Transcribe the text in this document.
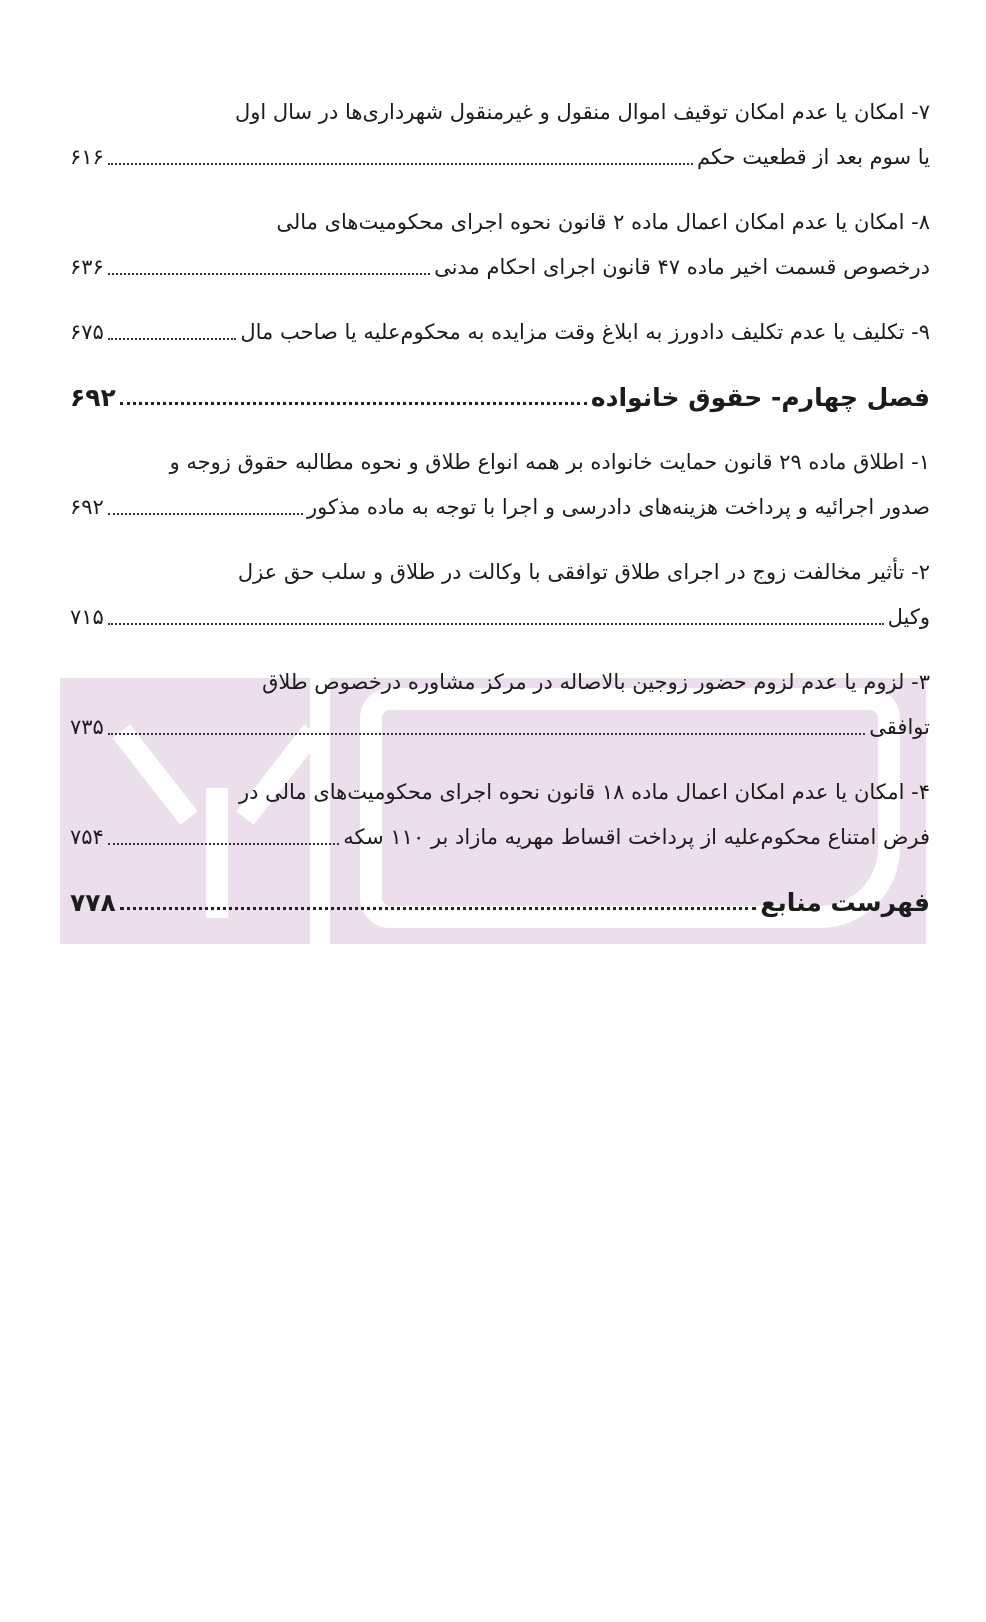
۷- امکان یا عدم امکان توقیف اموال منقول و غیرمنقول شهرداری‌ها در سال اول
یا سوم بعد از قطعیت حکم
۶۱۶
۸- امکان یا عدم امکان اعمال ماده ۲ قانون نحوه اجرای محکومیت‌های مالی
درخصوص قسمت اخیر ماده ۴۷ قانون اجرای احکام مدنی
۶۳۶
۹- تکلیف یا عدم تکلیف دادورز به ابلاغ وقت مزایده به محکوم‌علیه یا صاحب مال
۶۷۵
فصل چهارم- حقوق خانواده
۶۹۲
۱- اطلاق ماده ۲۹ قانون حمایت خانواده بر همه انواع طلاق و نحوه مطالبه حقوق زوجه و
صدور اجرائیه و پرداخت هزینه‌های دادرسی و اجرا با توجه به ماده مذکور
۶۹۲
۲- تأثیر مخالفت زوج در اجرای طلاق توافقی با وکالت در طلاق و سلب حق عزل
وکیل
۷۱۵
۳- لزوم یا عدم لزوم حضور زوجین بالاصاله در مرکز مشاوره درخصوص طلاق
توافقی
۷۳۵
۴- امکان یا عدم امکان اعمال ماده ۱۸ قانون نحوه اجرای محکومیت‌های مالی در
فرض امتناع محکوم‌علیه از پرداخت اقساط مهریه مازاد بر ۱۱۰ سکه
۷۵۴
فهرست منابع
۷۷۸
